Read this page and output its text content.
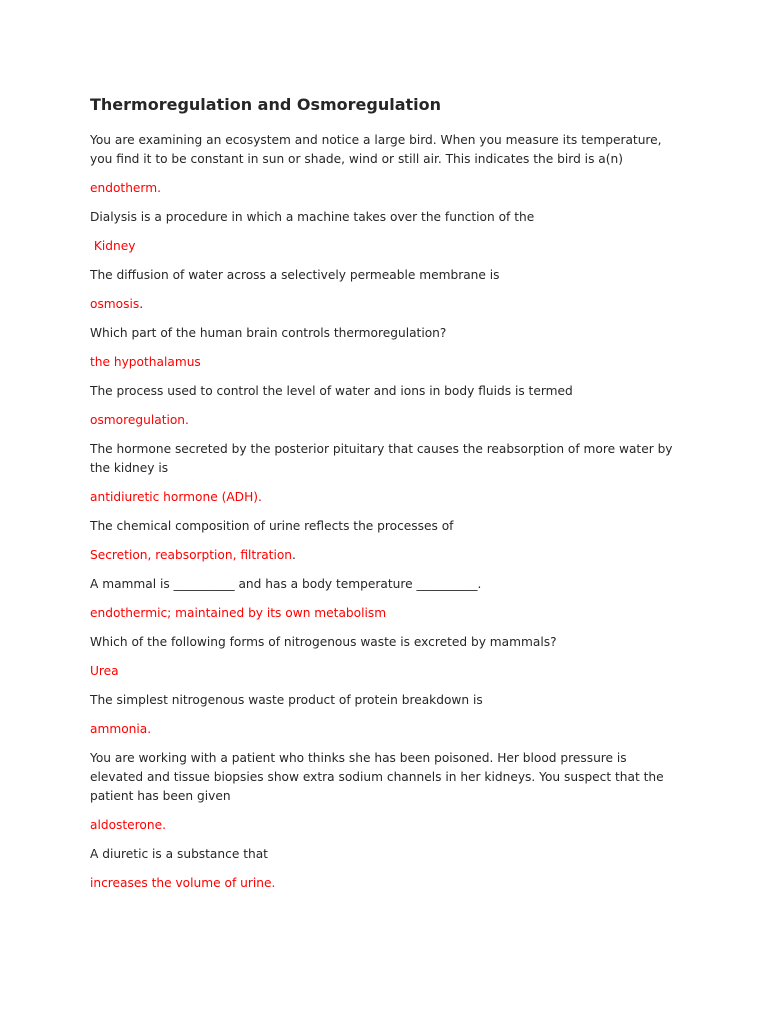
Thermoregulation and Osmoregulation

You are examining an ecosystem and notice a large bird. When you measure its temperature, you find it to be constant in sun or shade, wind or still air. This indicates the bird is a(n)

endotherm.

Dialysis is a procedure in which a machine takes over the function of the

Kidney

The diffusion of water across a selectively permeable membrane is

osmosis.

Which part of the human brain controls thermoregulation?

the hypothalamus

The process used to control the level of water and ions in body fluids is termed

osmoregulation.

The hormone secreted by the posterior pituitary that causes the reabsorption of more water by the kidney is

antidiuretic hormone (ADH).

The chemical composition of urine reflects the processes of

Secretion, reabsorption, filtration.

A mammal is __________ and has a body temperature __________.

endothermic; maintained by its own metabolism

Which of the following forms of nitrogenous waste is excreted by mammals?

Urea

The simplest nitrogenous waste product of protein breakdown is

ammonia.

You are working with a patient who thinks she has been poisoned. Her blood pressure is elevated and tissue biopsies show extra sodium channels in her kidneys. You suspect that the patient has been given

aldosterone.

A diuretic is a substance that

increases the volume of urine.
